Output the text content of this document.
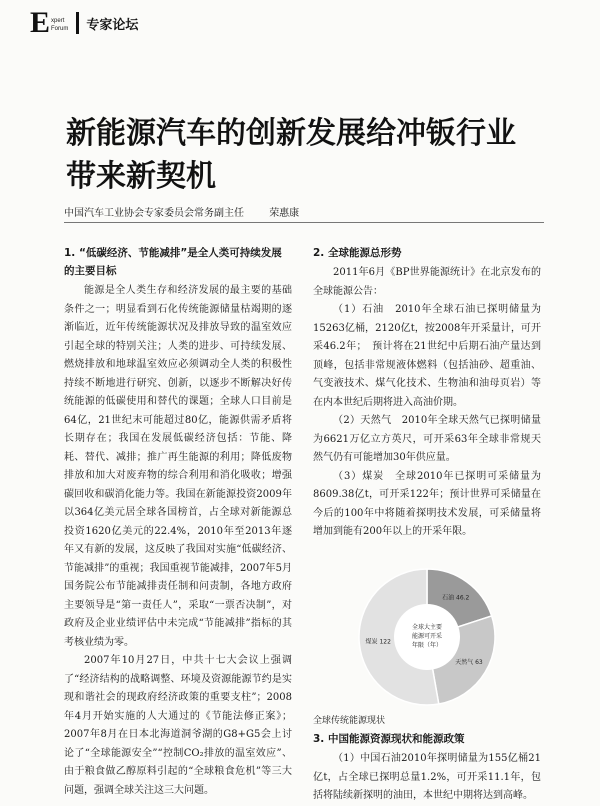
E xpert
Forum 专家论坛
新能源汽车的创新发展给冲钣行业
带来新契机
中国汽车工业协会专家委员会常务副主任	荣惠康
1. “低碳经济、节能减排”是全人类可持续发展的主要目标

能源是全人类生存和经济发展的最主要的基础条件之一；明显看到石化传统能源储量枯竭期的逐渐临近，近年传统能源状况及排放导致的温室效应引起全球的特别关注；人类的进步、可持续发展、燃烧排放和地球温室效应必须调动全人类的积极性持续不断地进行研究、创新，以逐步不断解决好传统能源的低碳使用和替代的课题；全球人口目前是64亿，21世纪末可能超过80亿，能源供需矛盾将长期存在；我国在发展低碳经济包括：节能、降耗、替代、减排；推广再生能源的利用；降低废物排放和加大对废弃物的综合利用和消化吸收；增强碳回收和碳消化能力等。我国在新能源投资2009年以364亿美元居全球各国榜首，占全球对新能源总投资1620亿美元的22.4%，2010年至2013年逐年又有新的发展，这反映了我国对实施“低碳经济、节能减排”的重视；我国重视节能减排，2007年5月国务院公布节能减排责任制和问责制，各地方政府主要领导是“第一责任人”，采取“一票否决制”，对政府及企业业绩评估中未完成“节能减排”指标的其考核业绩为零。

2007年10月27日，中共十七大会议上强调了“经济结构的战略调整、环境及资源能源节约是实现和谐社会的现政府经济政策的重要支柱”；2008年4月开始实施的人大通过的《节能法修正案》；2007年8月在日本北海道洞爷湖的G8+G5会上讨论了“全球能源安全”“控制CO₂排放的温室效应”、由于粮食做乙醇原料引起的“全球粮食危机”等三大问题，强调全球关注这三大问题。

2. 全球能源总形势

2011年6月《BP世界能源统计》在北京发布的全球能源公告：

（1）石油　2010年全球石油已探明储量为15263亿桶，2120亿t，按2008年开采量计，可开采46.2年；　预计将在21世纪中后期石油产量达到顶峰，包括非常规液体燃料（包括油砂、超重油、气变液技术、煤气化技术、生物油和油母页岩）等在内本世纪后期将进入高油价期。

（2）天然气　2010年全球天然气已探明储量为6621万亿立方英尺，可开采63年全球非常规天然气仍有可能增加30年供应量。

（3）煤炭　全球2010年已探明可采储量为8609.38亿t，可开采122年；预计世界可采储量在今后的100年中将随着探明技术发展，可采储量将增加到能有200年以上的开采年限。

全球大主要
能源可开采
年限（年）
石油 46.2
天然气 63
煤炭 122

全球传统能源现状

3. 中国能源资源现状和能源政策

（1）中国石油2010年探明储量为155亿桶21亿t，占全球已探明总量1.2%，可开采11.1年，包括将陆续新探明的油田，本世纪中期将达到高峰。
